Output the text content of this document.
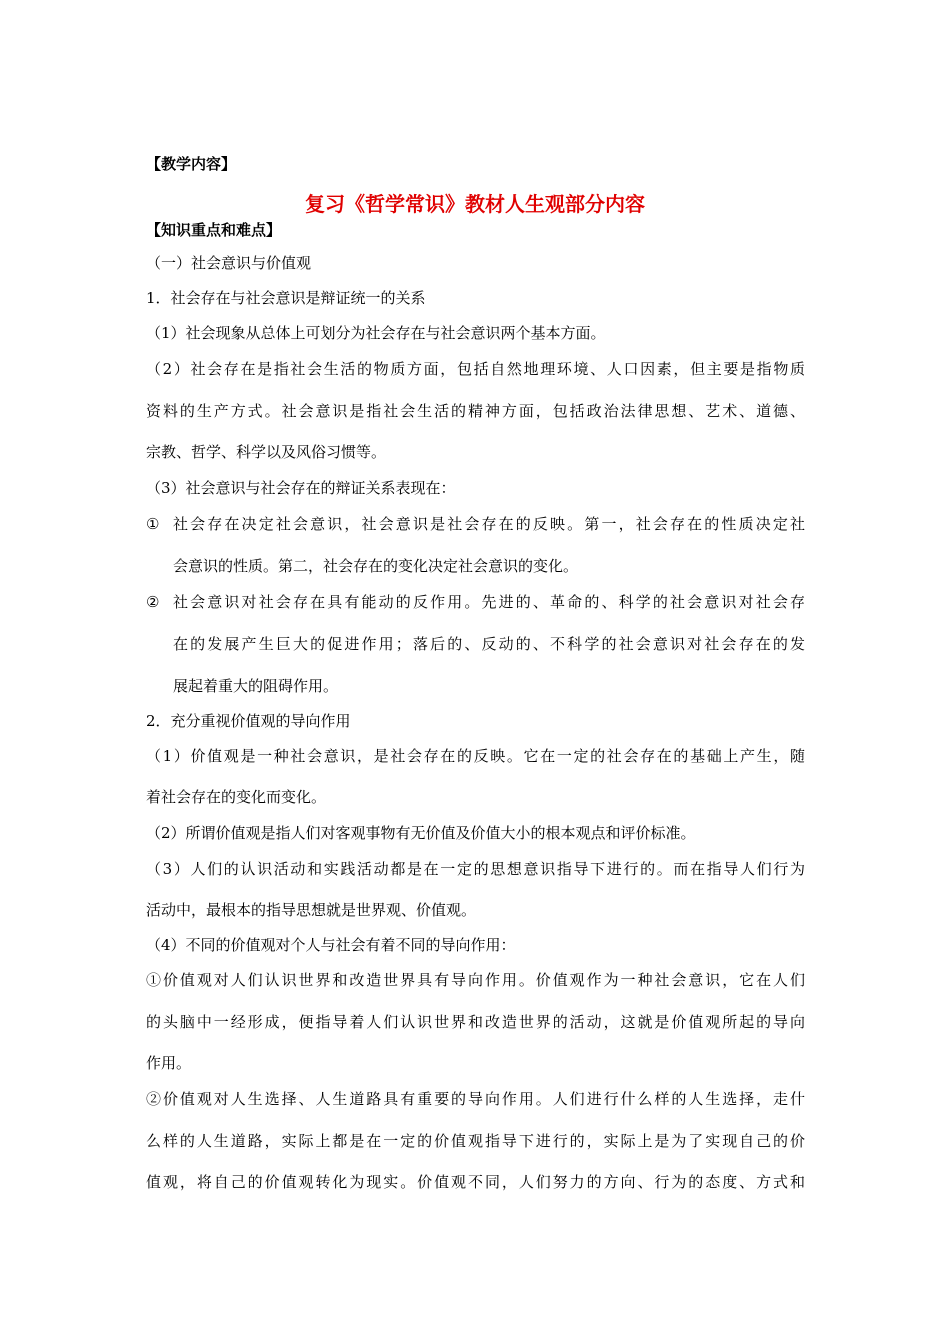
【教学内容】
复习《哲学常识》教材人生观部分内容
【知识重点和难点】
（一）社会意识与价值观
1．社会存在与社会意识是辩证统一的关系
（1）社会现象从总体上可划分为社会存在与社会意识两个基本方面。
（2）社会存在是指社会生活的物质方面，包括自然地理环境、人口因素，但主要是指物质
资料的生产方式。社会意识是指社会生活的精神方面，包括政治法律思想、艺术、道德、
宗教、哲学、科学以及风俗习惯等。
（3）社会意识与社会存在的辩证关系表现在：
① 社会存在决定社会意识，社会意识是社会存在的反映。第一，社会存在的性质决定社
会意识的性质。第二，社会存在的变化决定社会意识的变化。
② 社会意识对社会存在具有能动的反作用。先进的、革命的、科学的社会意识对社会存
在的发展产生巨大的促进作用；落后的、反动的、不科学的社会意识对社会存在的发
展起着重大的阻碍作用。
2．充分重视价值观的导向作用
（1）价值观是一种社会意识，是社会存在的反映。它在一定的社会存在的基础上产生，随
着社会存在的变化而变化。
（2）所谓价值观是指人们对客观事物有无价值及价值大小的根本观点和评价标准。
（3）人们的认识活动和实践活动都是在一定的思想意识指导下进行的。而在指导人们行为
活动中，最根本的指导思想就是世界观、价值观。
（4）不同的价值观对个人与社会有着不同的导向作用：
①价值观对人们认识世界和改造世界具有导向作用。价值观作为一种社会意识，它在人们
的头脑中一经形成，便指导着人们认识世界和改造世界的活动，这就是价值观所起的导向
作用。
②价值观对人生选择、人生道路具有重要的导向作用。人们进行什么样的人生选择，走什
么样的人生道路，实际上都是在一定的价值观指导下进行的，实际上是为了实现自己的价
值观，将自己的价值观转化为现实。价值观不同，人们努力的方向、行为的态度、方式和
